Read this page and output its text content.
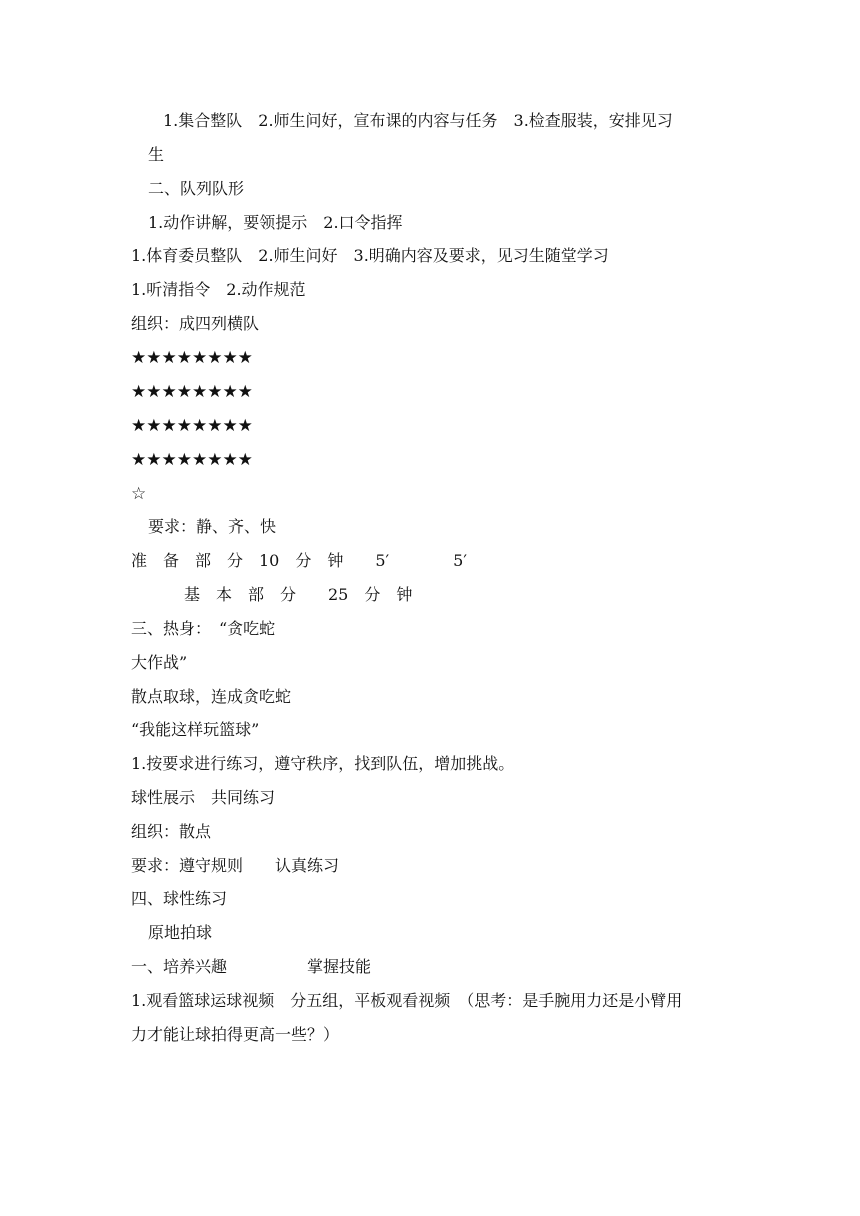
1.集合整队　2.师生问好，宣布课的内容与任务　3.检查服装，安排见习
生
二、队列队形
1.动作讲解，要领提示　2.口令指挥
1.体育委员整队　2.师生问好　3.明确内容及要求，见习生随堂学习
1.听清指令　2.动作规范
组织：成四列横队
★★★★★★★★
★★★★★★★★
★★★★★★★★
★★★★★★★★
☆
要求：静、齐、快
准　备　部　分　10　分　钟　　5′　　　　5′
基　本　部　分　　25　分　钟
三、热身：　“贪吃蛇
大作战”
散点取球，连成贪吃蛇
“我能这样玩篮球”
1.按要求进行练习，遵守秩序，找到队伍，增加挑战。
球性展示　共同练习
组织：散点
要求：遵守规则　　认真练习
四、球性练习
原地拍球
一、培养兴趣　　　　　掌握技能
1.观看篮球运球视频　分五组，平板观看视频　（思考：是手腕用力还是小臂用
力才能让球拍得更高一些？）
